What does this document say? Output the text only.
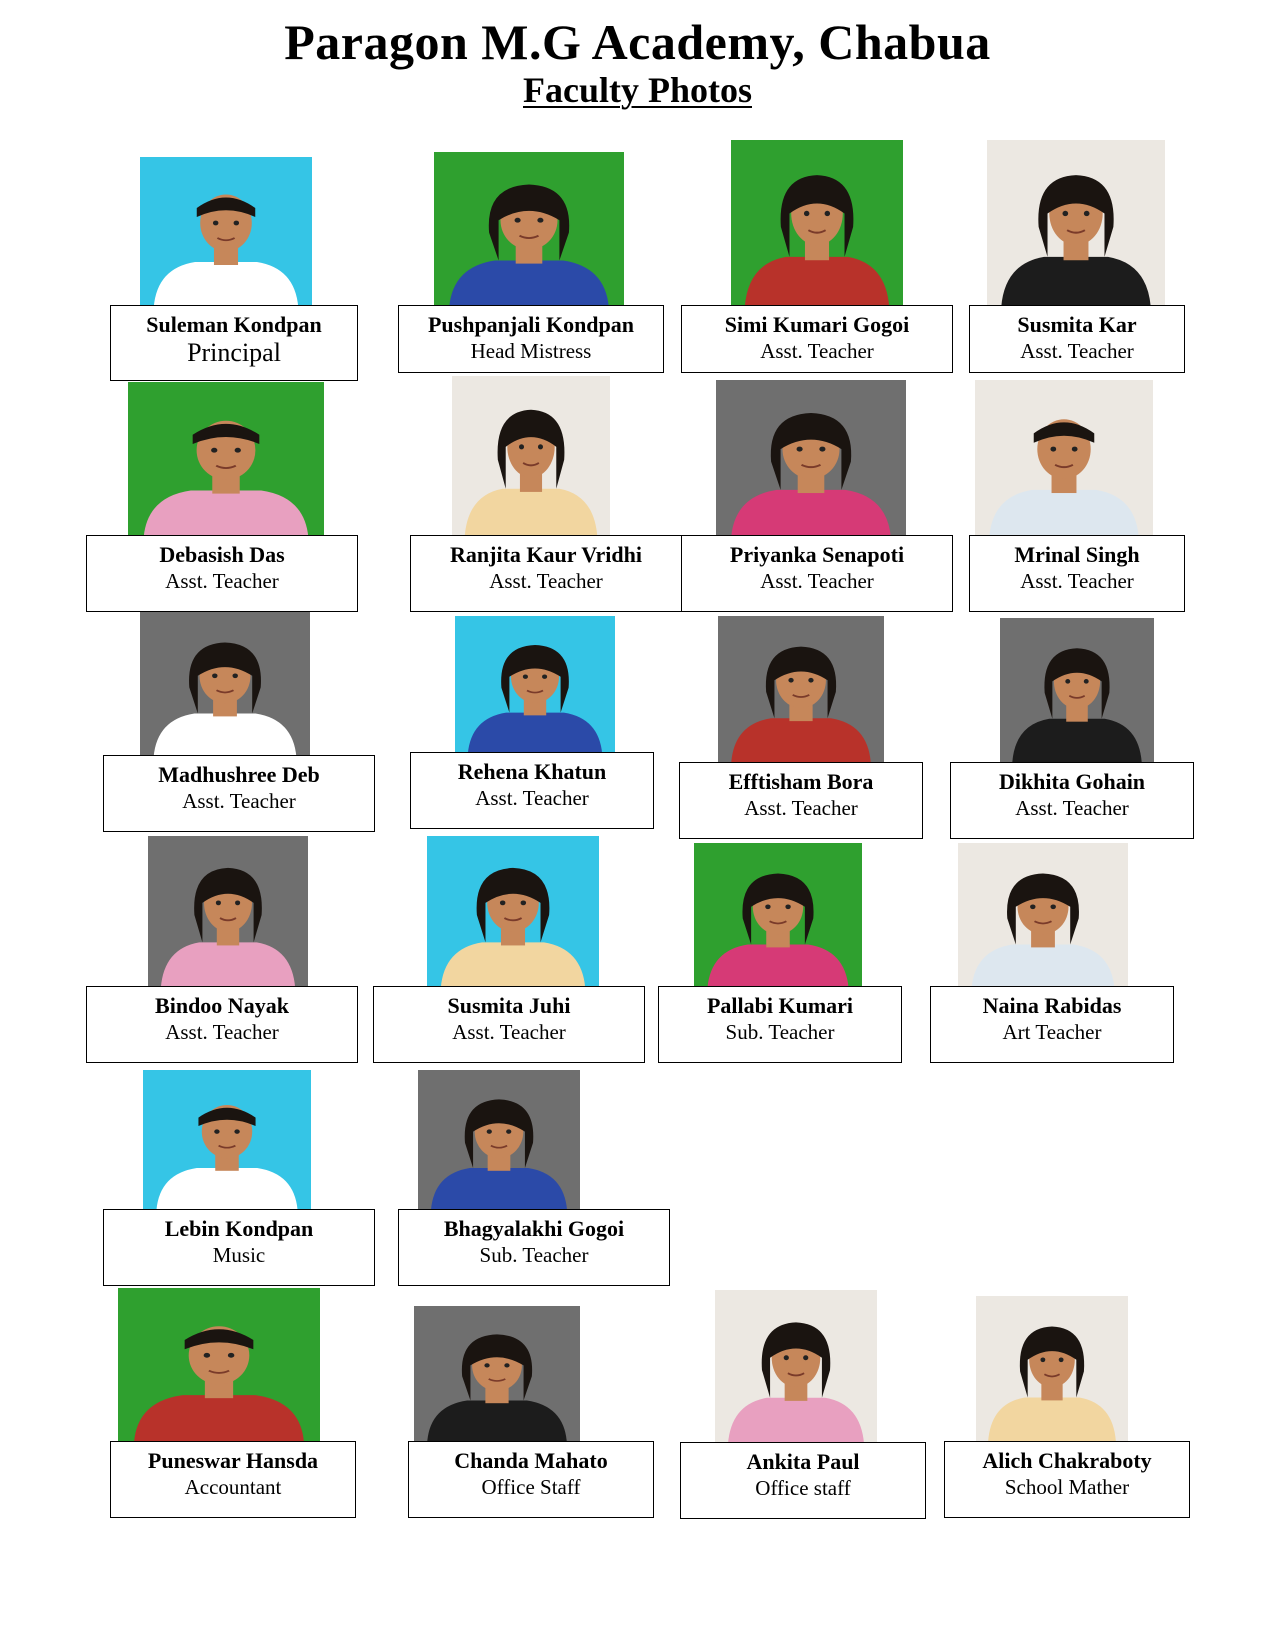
Paragon M.G Academy, Chabua
Faculty Photos
Suleman Kondpan
Principal
Pushpanjali Kondpan
Head Mistress
Simi Kumari Gogoi
Asst. Teacher
Susmita Kar
Asst. Teacher
Debasish Das
Asst. Teacher
Ranjita Kaur Vridhi
Asst. Teacher
Priyanka Senapoti
Asst. Teacher
Mrinal Singh
Asst. Teacher
Madhushree Deb
Asst. Teacher
Rehena Khatun
Asst. Teacher
Efftisham Bora
Asst. Teacher
Dikhita Gohain
Asst. Teacher
Bindoo Nayak
Asst. Teacher
Susmita Juhi
Asst. Teacher
Pallabi Kumari
Sub. Teacher
Naina Rabidas
Art Teacher
Lebin Kondpan
Music
Bhagyalakhi Gogoi
Sub. Teacher
Puneswar Hansda
Accountant
Chanda Mahato
Office Staff
Ankita Paul
Office staff
Alich Chakraboty
School Mather
